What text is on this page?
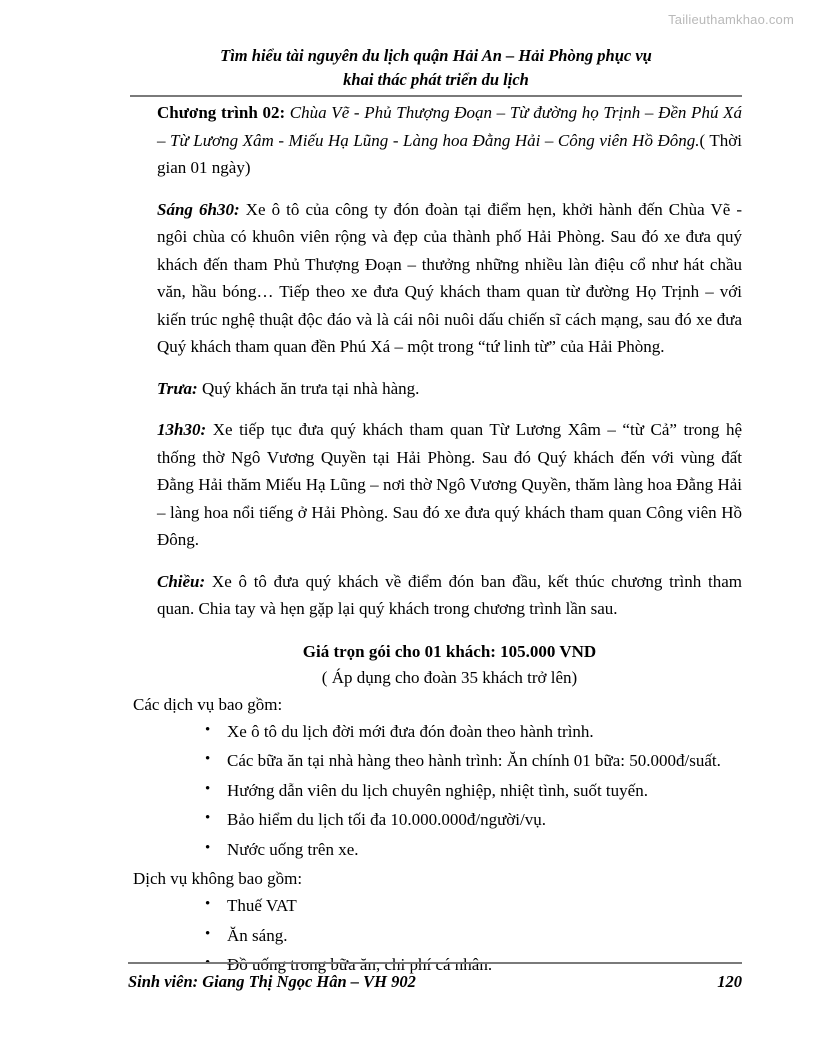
Tailieuthamkhao.com
Tìm hiểu tài nguyên du lịch quận Hải An – Hải Phòng phục vụ
khai thác phát triển du lịch

Chương trình 02: Chùa Vẽ - Phủ Thượng Đoạn – Từ đường họ Trịnh – Đền Phú Xá – Từ Lương Xâm - Miếu Hạ Lũng - Làng hoa Đằng Hải – Công viên Hồ Đông.( Thời gian 01 ngày)

Sáng 6h30: Xe ô tô của công ty đón đoàn tại điểm hẹn, khởi hành đến Chùa Vẽ - ngôi chùa có khuôn viên rộng và đẹp của thành phố Hải Phòng. Sau đó xe đưa quý khách đến tham Phủ Thượng Đoạn – thưởng những nhiều làn điệu cổ như hát chầu văn, hầu bóng… Tiếp theo xe đưa Quý khách tham quan từ đường Họ Trịnh – với kiến trúc nghệ thuật độc đáo và là cái nôi nuôi dấu chiến sĩ cách mạng, sau đó xe đưa Quý khách tham quan đền Phú Xá – một trong “tứ linh từ” của Hải Phòng.

Trưa: Quý khách ăn trưa tại nhà hàng.

13h30: Xe tiếp tục đưa quý khách tham quan Từ Lương Xâm – “từ Cả” trong hệ thống thờ Ngô Vương Quyền tại Hải Phòng. Sau đó Quý khách đến với vùng đất Đằng Hải thăm Miếu Hạ Lũng – nơi thờ Ngô Vương Quyền, thăm làng hoa Đằng Hải – làng hoa nổi tiếng ở Hải Phòng. Sau đó xe đưa quý khách tham quan Công viên Hồ Đông.

Chiều: Xe ô tô đưa quý khách về điểm đón ban đầu, kết thúc chương trình tham quan. Chia tay và hẹn gặp lại quý khách trong chương trình lần sau.

Giá trọn gói cho 01 khách: 105.000 VND
( Áp dụng cho đoàn 35 khách trở lên)

Các dịch vụ bao gồm:

• Xe ô tô du lịch đời mới đưa đón đoàn theo hành trình.
• Các bữa ăn tại nhà hàng theo hành trình: Ăn chính 01 bữa: 50.000đ/suất.
• Hướng dẫn viên du lịch chuyên nghiệp, nhiệt tình, suốt tuyến.
• Bảo hiểm du lịch tối đa 10.000.000đ/người/vụ.
• Nước uống trên xe.

Dịch vụ không bao gồm:

• Thuế VAT
• Ăn sáng.
• Đồ uống trong bữa ăn, chi phí cá nhân.
Sinh viên: Giang Thị Ngọc Hân – VH 902	120
